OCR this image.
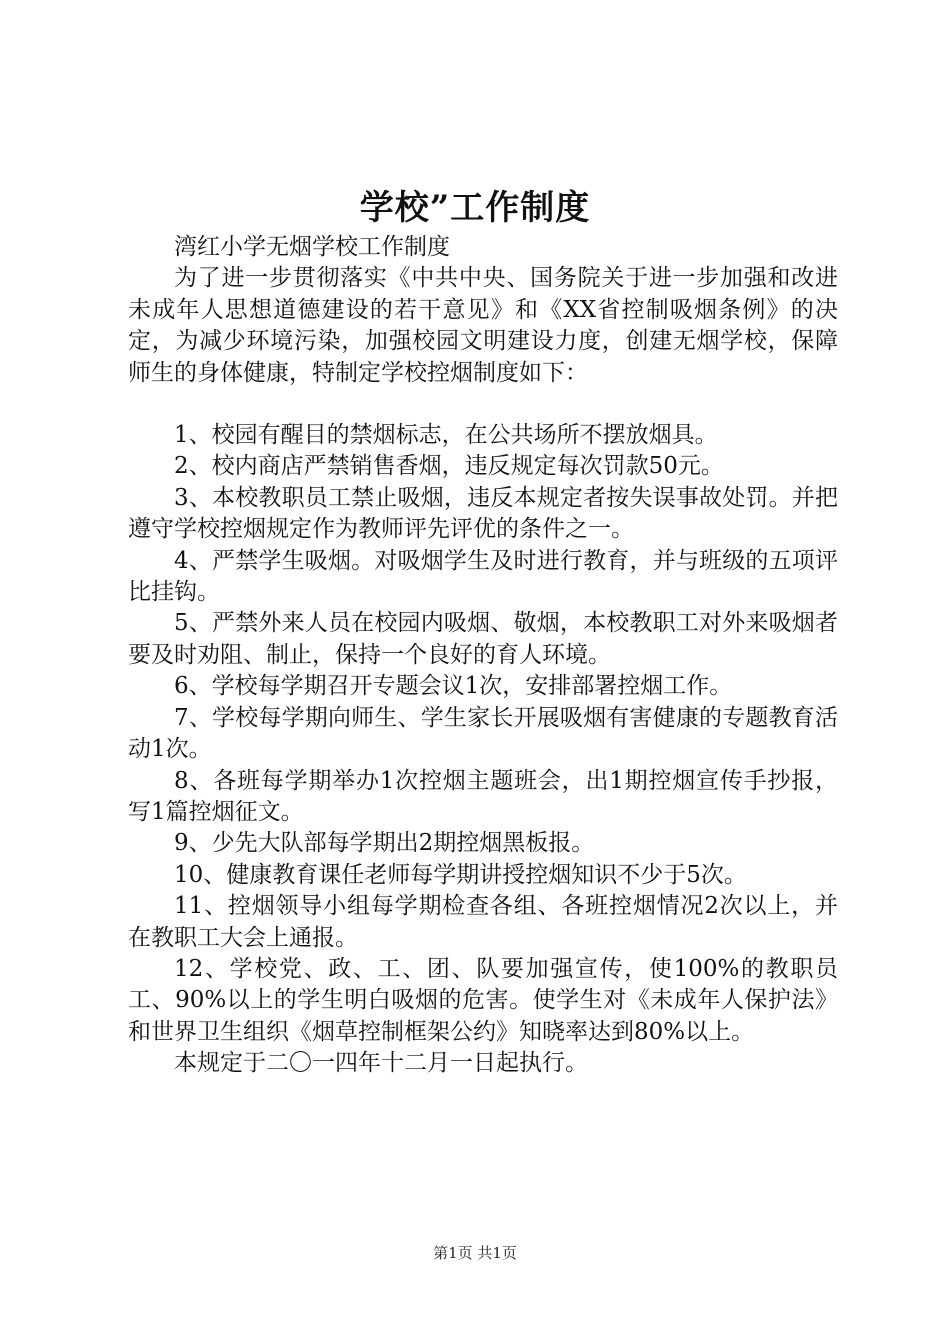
学校”工作制度

湾红小学无烟学校工作制度

为了进一步贯彻落实《中共中央、国务院关于进一步加强和改进未成年人思想道德建设的若干意见》和《XX省控制吸烟条例》的决定，为减少环境污染，加强校园文明建设力度，创建无烟学校，保障师生的身体健康，特制定学校控烟制度如下：

1、校园有醒目的禁烟标志，在公共场所不摆放烟具。

2、校内商店严禁销售香烟，违反规定每次罚款50元。

3、本校教职员工禁止吸烟，违反本规定者按失误事故处罚。并把遵守学校控烟规定作为教师评先评优的条件之一。

4、严禁学生吸烟。对吸烟学生及时进行教育，并与班级的五项评比挂钩。

5、严禁外来人员在校园内吸烟、敬烟，本校教职工对外来吸烟者要及时劝阻、制止，保持一个良好的育人环境。

6、学校每学期召开专题会议1次，安排部署控烟工作。

7、学校每学期向师生、学生家长开展吸烟有害健康的专题教育活动1次。

8、各班每学期举办1次控烟主题班会，出1期控烟宣传手抄报，写1篇控烟征文。

9、少先大队部每学期出2期控烟黑板报。

10、健康教育课任老师每学期讲授控烟知识不少于5次。

11、控烟领导小组每学期检查各组、各班控烟情况2次以上，并在教职工大会上通报。

12、学校党、政、工、团、队要加强宣传，使100%的教职员工、90%以上的学生明白吸烟的危害。使学生对《未成年人保护法》和世界卫生组织《烟草控制框架公约》知晓率达到80%以上。

本规定于二〇一四年十二月一日起执行。

第1页 共1页
